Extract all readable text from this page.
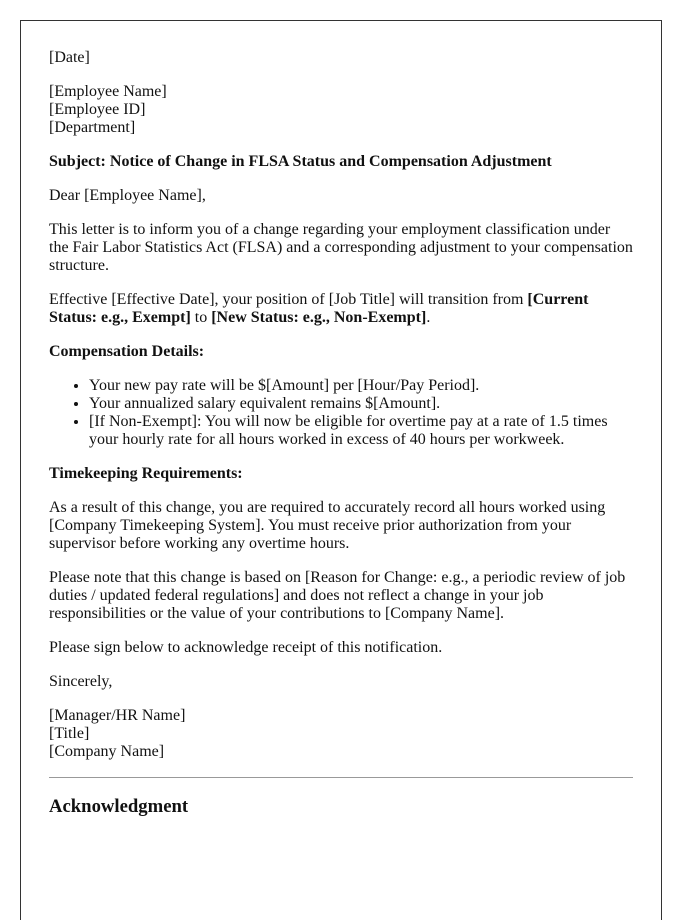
[Date]

[Employee Name]
[Employee ID]
[Department]

Subject: Notice of Change in FLSA Status and Compensation Adjustment

Dear [Employee Name],

This letter is to inform you of a change regarding your employment classification under the Fair Labor Statistics Act (FLSA) and a corresponding adjustment to your compensation structure.

Effective [Effective Date], your position of [Job Title] will transition from [Current Status: e.g., Exempt] to [New Status: e.g., Non-Exempt].

Compensation Details:

• Your new pay rate will be $[Amount] per [Hour/Pay Period].
• Your annualized salary equivalent remains $[Amount].
• [If Non-Exempt]: You will now be eligible for overtime pay at a rate of 1.5 times your hourly rate for all hours worked in excess of 40 hours per workweek.

Timekeeping Requirements:

As a result of this change, you are required to accurately record all hours worked using [Company Timekeeping System]. You must receive prior authorization from your supervisor before working any overtime hours.

Please note that this change is based on [Reason for Change: e.g., a periodic review of job duties / updated federal regulations] and does not reflect a change in your job responsibilities or the value of your contributions to [Company Name].

Please sign below to acknowledge receipt of this notification.

Sincerely,

[Manager/HR Name]
[Title]
[Company Name]
Acknowledgment
